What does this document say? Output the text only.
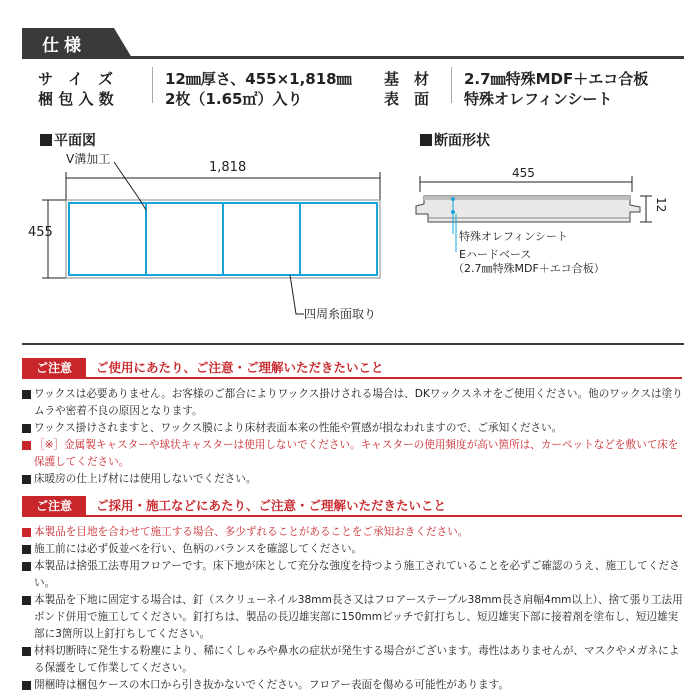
仕様
サ　イ　ズ	12㎜厚さ、455×1,818㎜
梱 包 入 数	2枚（1.65㎡）入り
基　材 2.7㎜特殊MDF＋エコ合板
表　面 特殊オレフィンシート
平面図
V溝加工
1,818
455
四周糸面取り
断面形状
455
12
特殊オレフィンシート
Eハードベース
（2.7㎜特殊MDF＋エコ合板）
ご注意	ご使用にあたり、ご注意・ご理解いただきたいこと
ワックスは必要ありません。お客様のご都合によりワックス掛けされる場合は、DKワックスネオをご使用ください。他のワックスは塗りムラや密着不良の原因となります。
ワックス掛けされますと、ワックス膜により床材表面本来の性能や質感が損なわれますので、ご承知ください。
［※］金属製キャスターや球状キャスターは使用しないでください。キャスターの使用頻度が高い箇所は、カーペットなどを敷いて床を保護してください。
床暖房の仕上げ材には使用しないでください。
ご注意	ご採用・施工などにあたり、ご注意・ご理解いただきたいこと
本製品を目地を合わせて施工する場合、多少ずれることがあることをご承知おきください。
施工前には必ず仮並べを行い、色柄のバランスを確認してください。
本製品は捨張工法専用フロアーです。床下地が床として充分な強度を持つよう施工されていることを必ずご確認のうえ、施工してください。
本製品を下地に固定する場合は、釘（スクリューネイル38mm長さ又はフロアーステープル38mm長さ肩幅4mm以上）、捨て張り工法用ボンド併用で施工してください。釘打ちは、製品の長辺雄実部に150mmピッチで釘打ちし、短辺雄実下部に接着剤を塗布し、短辺雄実部に3箇所以上釘打ちしてください。
材料切断時に発生する粉塵により、稀にくしゃみや鼻水の症状が発生する場合がございます。毒性はありませんが、マスクやメガネによる保護をして作業してください。
開梱時は梱包ケースの木口から引き抜かないでください。フロアー表面を傷める可能性があります。
